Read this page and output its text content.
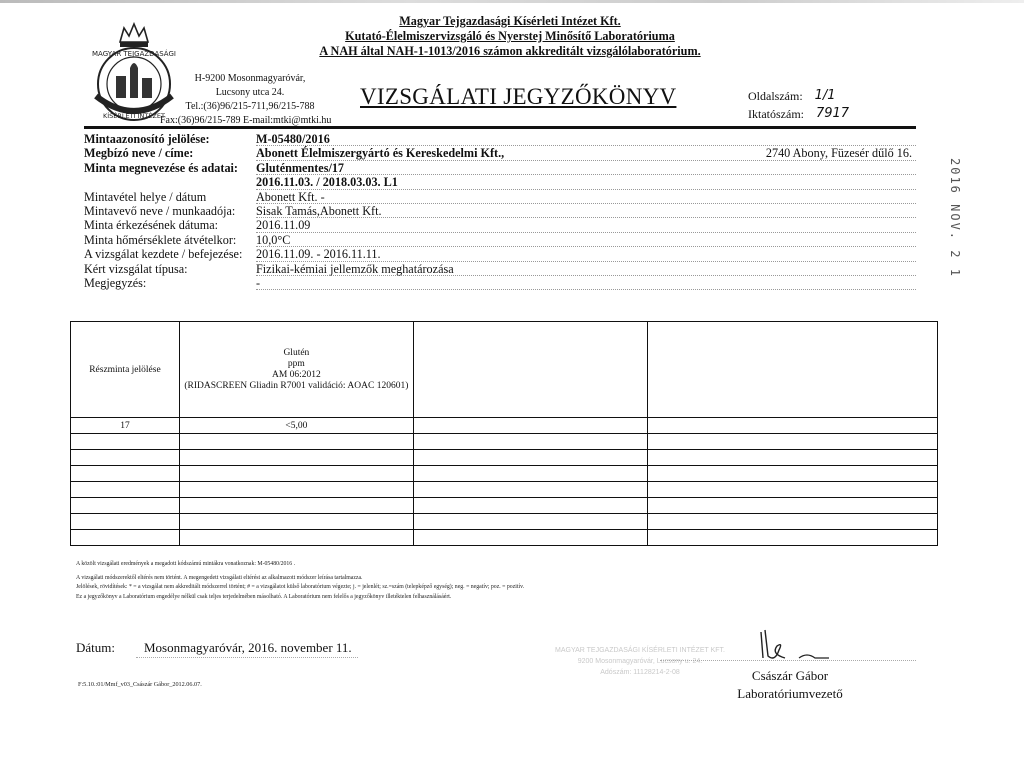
MAGYAR TEJGAZDASÁGI
KÍSÉRLETI INTÉZET
H-9200 Mosonmagyaróvár,
Lucsony utca 24.
Tel.:(36)96/215-711,96/215-788
Fax:(36)96/215-789 E-mail:mtki@mtki.hu
Magyar Tejgazdasági Kísérleti Intézet Kft.
Kutató-Élelmiszervizsgáló és Nyerstej Minősítő Laboratóriuma
A NAH által NAH-1-1013/2016 számon akkreditált vizsgálólaboratórium.
VIZSGÁLATI JEGYZŐKÖNYV	Oldalszám: 1/1
Iktatószám: 7917
2016 NOV. 2 1
Mintaazonosító jelölése:	M-05480/2016
Megbízó neve / címe:	Abonett Élelmiszergyártó és Kereskedelmi Kft.,	2740 Abony, Füzesér dűlő 16.
Minta megnevezése és adatai:	Gluténmentes/17
2016.11.03. / 2018.03.03. L1
Mintavétel helye / dátum	Abonett Kft. -
Mintavevő neve / munkaadója:	Sisak Tamás,Abonett Kft.
Minta érkezésének dátuma:	2016.11.09
Minta hőmérséklete átvételkor:	10,0°C
A vizsgálat kezdete / befejezése:	2016.11.09. - 2016.11.11.
Kért vizsgálat típusa:	Fizikai-kémiai jellemzők meghatározása
Megjegyzés:	-
Részminta jelölése	Glutén
ppm
AM 06:2012
(RIDASCREEN Gliadin R7001 validáció: AOAC 120601)		

17	<5,00		

A közölt vizsgálati eredmények a megadott kódszámú mintákra vonatkoznak: M-05480/2016 .
A vizsgálati módszerektől eltérés nem történt. A megengedett vizsgálati eltérést az alkalmazott módszer leírása tartalmazza.
Jelölések, rövidítések: * = a vizsgálat nem akkreditált módszerrel történt; # = a vizsgálatot külső laboratórium végezte; j. = jelenlét; sz.=szám (telepképző egység); neg. = negatív; poz. = pozitív.
Ez a jegyzőkönyv a Laboratórium engedélye nélkül csak teljes terjedelmében másolható. A Laboratórium nem felelős a jegyzőkönyv illetéktelen felhasználásáért.
Dátum:	Mosonmagyaróvár, 2016. november 11.
F:5.10.:01/Mmf_v03_Császár Gábor_2012.06.07.
MAGYAR TEJGAZDASÁGI KÍSÉRLETI INTÉZET KFT.
9200 Mosonmagyaróvár, Lucsony u. 24.
Adószám: 11128214-2-08	Császár Gábor
Laboratóriumvezető
